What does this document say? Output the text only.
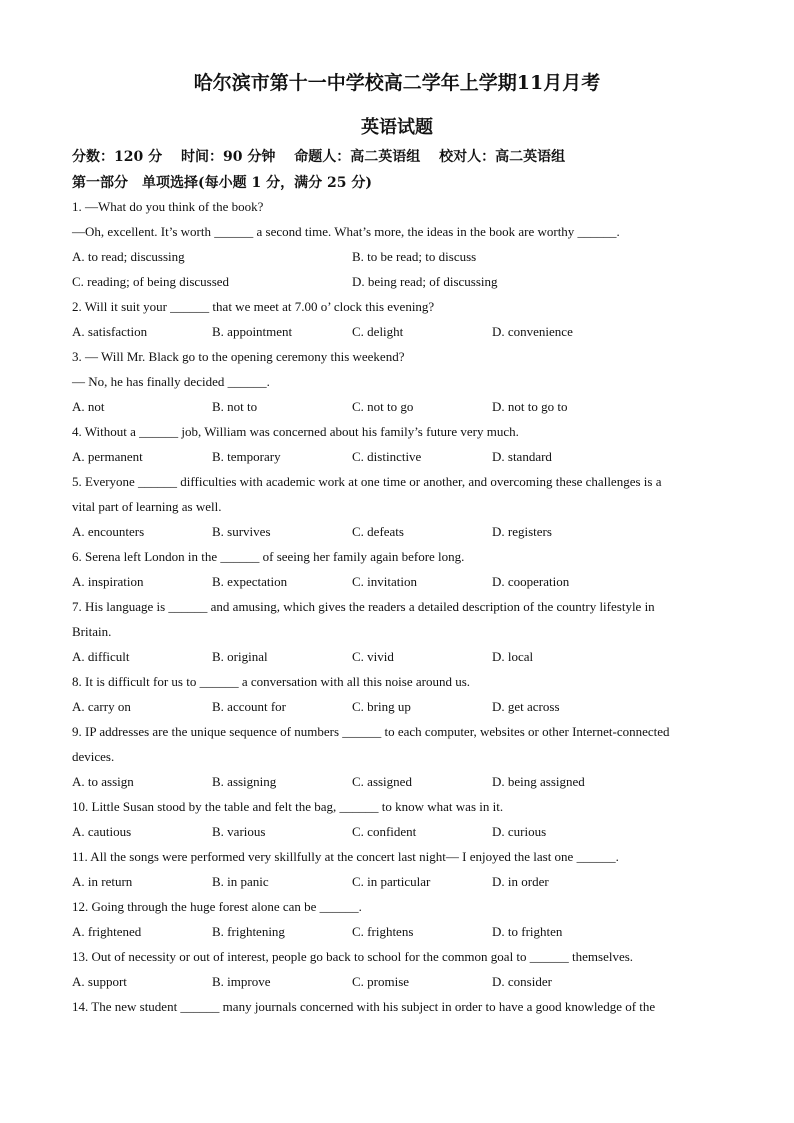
哈尔滨市第十一中学校高二学年上学期11月月考
英语试题
分数：120 分 时间：90 分钟 命题人：高二英语组 校对人：高二英语组
第一部分　单项选择(每小题 1 分，满分 25 分)
1. —What do you think of the book?
—Oh, excellent. It’s worth ______ a second time. What’s more, the ideas in the book are worthy ______.
A. to read; discussing	B. to be read; to discuss
C. reading; of being discussed	D. being read; of discussing
2. Will it suit your ______ that we meet at 7.00 o’ clock this evening?
A. satisfaction	B. appointment	C. delight	D. convenience
3. — Will Mr. Black go to the opening ceremony this weekend?
— No, he has finally decided ______.
A. not	B. not to	C. not to go	D. not to go to
4. Without a ______ job, William was concerned about his family’s future very much.
A. permanent	B. temporary	C. distinctive	D. standard
5. Everyone ______ difficulties with academic work at one time or another, and overcoming these challenges is a
vital part of learning as well.
A. encounters	B. survives	C. defeats	D. registers
6. Serena left London in the ______ of seeing her family again before long.
A. inspiration	B. expectation	C. invitation	D. cooperation
7. His language is ______ and amusing, which gives the readers a detailed description of the country lifestyle in
Britain.
A. difficult	B. original	C. vivid	D. local
8. It is difficult for us to ______ a conversation with all this noise around us.
A. carry on	B. account for	C. bring up	D. get across
9. IP addresses are the unique sequence of numbers ______ to each computer, websites or other Internet-connected
devices.
A. to assign	B. assigning	C. assigned	D. being assigned
10. Little Susan stood by the table and felt the bag, ______ to know what was in it.
A. cautious	B. various	C. confident	D. curious
11. All the songs were performed very skillfully at the concert last night— I enjoyed the last one ______.
A. in return	B. in panic	C. in particular	D. in order
12. Going through the huge forest alone can be ______.
A. frightened	B. frightening	C. frightens	D. to frighten
13. Out of necessity or out of interest, people go back to school for the common goal to ______ themselves.
A. support	B. improve	C. promise	D. consider
14. The new student ______ many journals concerned with his subject in order to have a good knowledge of the
